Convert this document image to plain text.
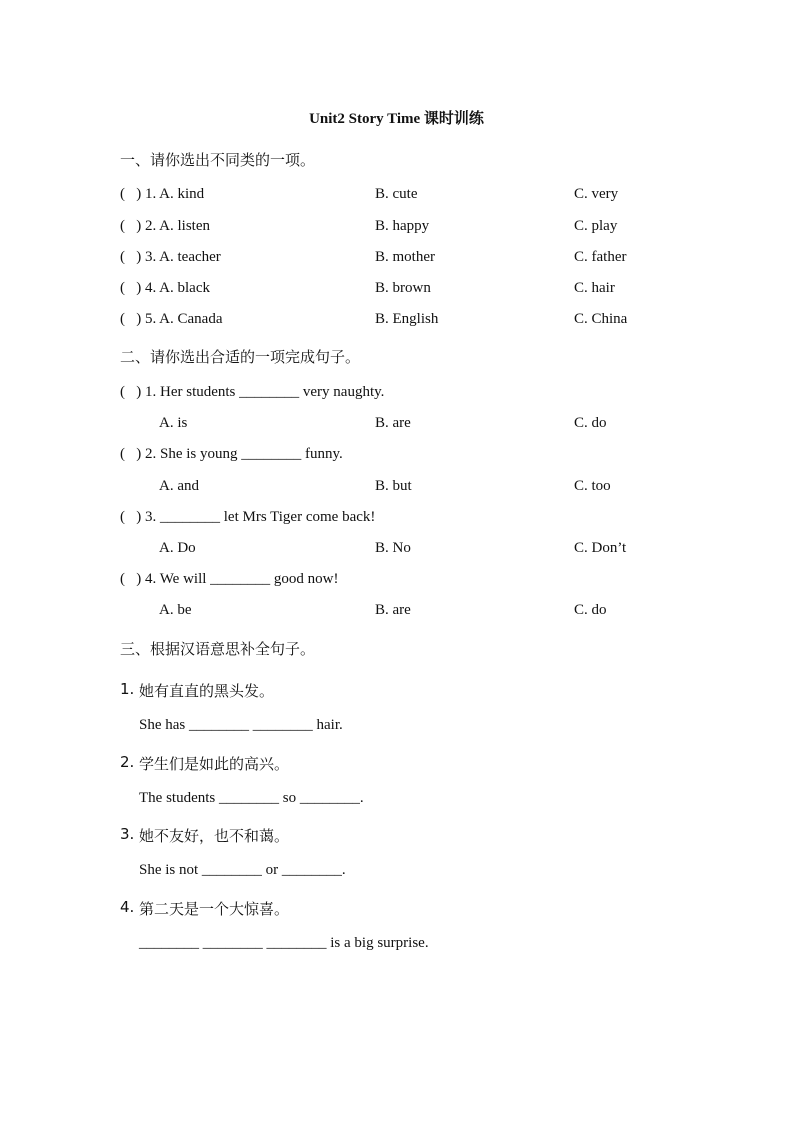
Unit2 Story Time 课时训练
一、请你选出不同类的一项。
(   ) 1. A. kind	B. cute	C. very
(   ) 2. A. listen	B. happy	C. play
(   ) 3. A. teacher	B. mother	C. father
(   ) 4. A. black	B. brown	C. hair
(   ) 5. A. Canada	B. English	C. China
二、请你选出合适的一项完成句子。
(   ) 1. Her students ________ very naughty.
A. is	B. are	C. do
(   ) 2. She is young ________ funny.
A. and	B. but	C. too
(   ) 3. ________ let Mrs Tiger come back!
A. Do	B. No	C. Don’t
(   ) 4. We will ________ good now!
A. be	B. are	C. do
三、根据汉语意思补全句子。
1. 她有直直的黑头发。
She has ________ ________ hair.
2. 学生们是如此的高兴。
The students ________ so ________.
3. 她不友好，也不和蔼。
She is not ________ or ________.
4. 第二天是一个大惊喜。
________ ________ ________ is a big surprise.
